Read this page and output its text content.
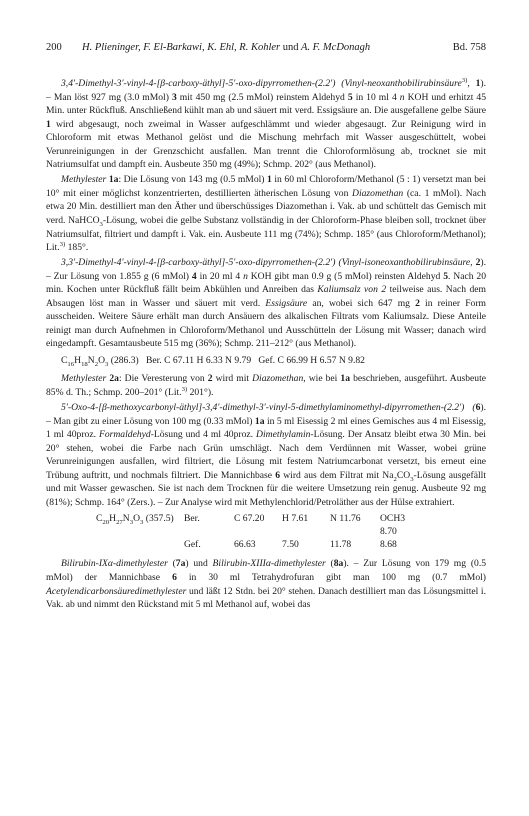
200 H. Plieninger, F. El-Barkawi, K. Ehl, R. Kohler und A. F. McDonagh	Bd. 758

3,4′-Dimethyl-3′-vinyl-4-[β-carboxy-äthyl]-5′-oxo-dipyrromethen-(2.2′) (Vinyl-neoxanthobilirubinsäure$^{3)}$, 1). – Man löst 927 mg (3.0 mMol) 3 mit 450 mg (2.5 mMol) reinstem Aldehyd 5 in 10 ml 4 n KOH und erhitzt 45 Min. unter Rückfluß. Anschließend kühlt man ab und säuert mit verd. Essigsäure an. Die ausgefallene gelbe Säure 1 wird abgesaugt, noch zweimal in Wasser aufgeschlämmt und wieder abgesaugt. Zur Reinigung wird in Chloroform mit etwas Methanol gelöst und die Mischung mehrfach mit Wasser ausgeschüttelt, wobei Verunreinigungen in der Grenzschicht ausfallen. Man trennt die Chloroformlösung ab, trocknet sie mit Natriumsulfat und dampft ein. Ausbeute 350 mg (49%); Schmp. 202° (aus Methanol).

Methylester 1a: Die Lösung von 143 mg (0.5 mMol) 1 in 60 ml Chloroform/Methanol (5 : 1) versetzt man bei 10° mit einer möglichst konzentrierten, destillierten ätherischen Lösung von Diazomethan (ca. 1 mMol). Nach etwa 20 Min. destilliert man den Äther und überschüssiges Diazomethan i. Vak. ab und schüttelt das Gemisch mit verd. NaHCO$_3$-Lösung, wobei die gelbe Substanz vollständig in der Chloroform-Phase bleiben soll, trocknet über Natriumsulfat, filtriert und dampft i. Vak. ein. Ausbeute 111 mg (74%); Schmp. 185° (aus Chloroform/Methanol); Lit.$^{3)}$ 185°.

3,3′-Dimethyl-4′-vinyl-4-[β-carboxy-äthyl]-5′-oxo-dipyrromethen-(2.2′) (Vinyl-isoneoxanthobilirubinsäure, 2). – Zur Lösung von 1.855 g (6 mMol) 4 in 20 ml 4 n KOH gibt man 0.9 g (5 mMol) reinsten Aldehyd 5. Nach 20 min. Kochen unter Rückfluß fällt beim Abkühlen und Anreiben das Kaliumsalz von 2 teilweise aus. Nach dem Absaugen löst man in Wasser und säuert mit verd. Essigsäure an, wobei sich 647 mg 2 in reiner Form ausscheiden. Weitere Säure erhält man durch Ansäuern des alkalischen Filtrats vom Kaliumsalz. Diese Anteile reinigt man durch Aufnehmen in Chloroform/Methanol und Ausschütteln der Lösung mit Wasser; danach wird eingedampft. Gesamtausbeute 515 mg (36%); Schmp. 211–212° (aus Methanol).

$C_{16}H_{18}N_2O_3$ (286.3) Ber. C 67.11 H 6.33 N 9.79 Gef. C 66.99 H 6.57 N 9.82

Methylester 2a: Die Veresterung von 2 wird mit Diazomethan, wie bei 1a beschrieben, ausgeführt. Ausbeute 85% d. Th.; Schmp. 200–201° (Lit.$^{3)}$ 201°).

5′-Oxo-4-[β-methoxycarbonyl-äthyl]-3,4′-dimethyl-3′-vinyl-5-dimethylaminomethyl-dipyrromethen-(2.2′) (6). – Man gibt zu einer Lösung von 100 mg (0.33 mMol) 1a in 5 ml Eisessig 2 ml eines Gemisches aus 4 ml Eisessig, 1 ml 40proz. Formaldehyd-Lösung und 4 ml 40proz. Dimethylamin-Lösung. Der Ansatz bleibt etwa 30 Min. bei 20° stehen, wobei die Farbe nach Grün umschlägt. Nach dem Verdünnen mit Wasser, wobei grüne Verunreinigungen ausfallen, wird filtriert, die Lösung mit festem Natriumcarbonat versetzt, bis erneut eine Trübung auftritt, und nochmals filtriert. Die Mannichbase 6 wird aus dem Filtrat mit $Na_2CO_3$-Lösung ausgefällt und mit Wasser gewaschen. Sie ist nach dem Trocknen für die weitere Umsetzung rein genug. Ausbeute 92 mg (81%); Schmp. 164° (Zers.). – Zur Analyse wird mit Methylenchlorid/Petroläther aus der Hülse extrahiert.

$C_{20}H_{27}N_3O_3$ (357.5)	Ber.	C 67.20	H 7.61	N 11.76	OCH3 8.70
Gef.	66.63	7.50	11.78	8.68

Bilirubin-IXα-dimethylester (7a) und Bilirubin-XIIIα-dimethylester (8a). – Zur Lösung von 179 mg (0.5 mMol) der Mannichbase 6 in 30 ml Tetrahydrofuran gibt man 100 mg (0.7 mMol) Acetylendicarbonsäuredimethylester und läßt 12 Stdn. bei 20° stehen. Danach destilliert man das Lösungsmittel i. Vak. ab und nimmt den Rückstand mit 5 ml Methanol auf, wobei das
